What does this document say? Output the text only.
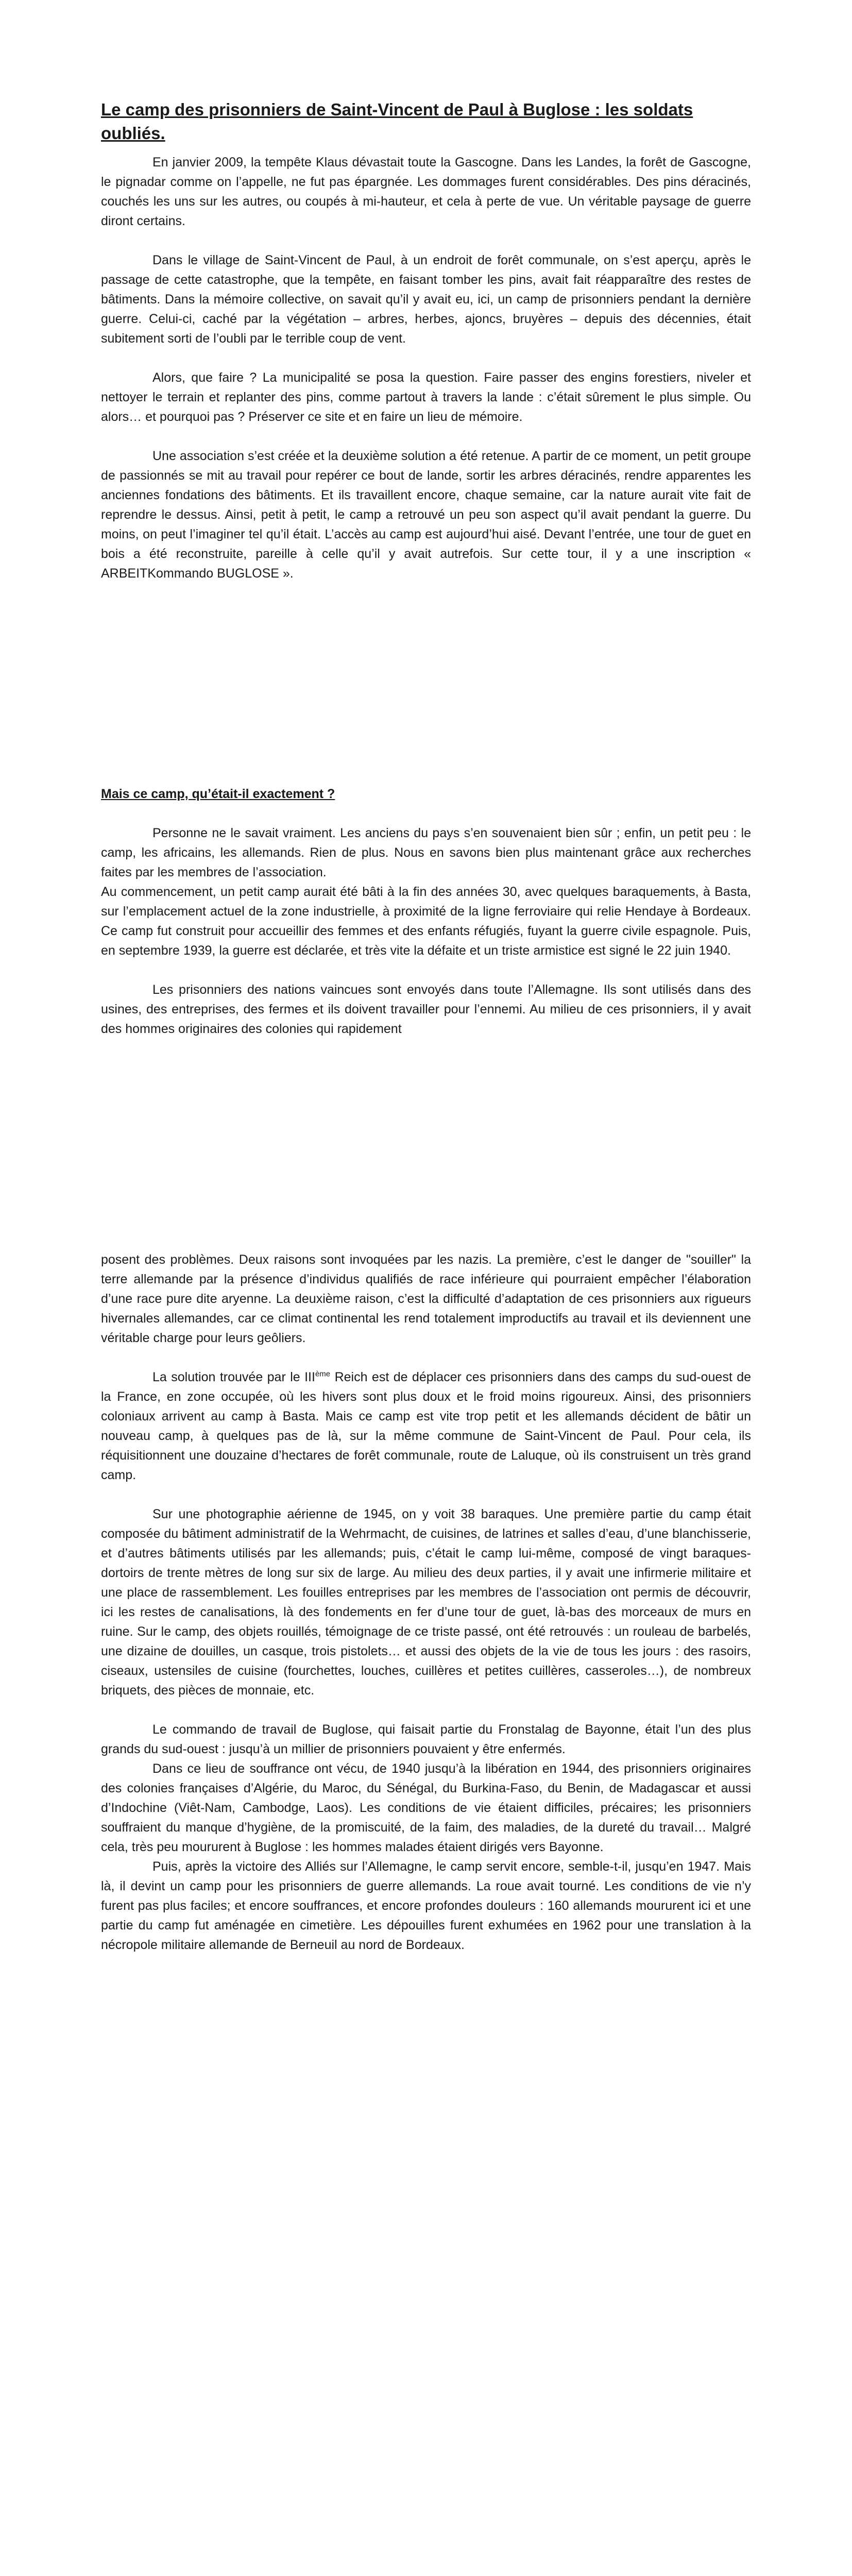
Le camp des prisonniers de Saint-Vincent de Paul à Buglose : les soldats oubliés.

En janvier 2009, la tempête Klaus dévastait toute la Gascogne. Dans les Landes, la forêt de Gascogne, le pignadar comme on l’appelle, ne fut pas épargnée. Les dommages furent considérables. Des pins déracinés, couchés les uns sur les autres, ou coupés à mi-hauteur, et cela à perte de vue. Un véritable paysage de guerre diront certains.

Dans le village de Saint-Vincent de Paul, à un endroit de forêt communale, on s’est aperçu, après le passage de cette catastrophe, que la tempête, en faisant tomber les pins, avait fait réapparaître des restes de bâtiments. Dans la mémoire collective, on savait qu’il y avait eu, ici, un camp de prisonniers pendant la dernière guerre. Celui-ci, caché par la végétation – arbres, herbes, ajoncs, bruyères – depuis des décennies, était subitement sorti de l’oubli par le terrible coup de vent.

Alors, que faire ? La municipalité se posa la question. Faire passer des engins forestiers, niveler et nettoyer le terrain et replanter des pins, comme partout à travers la lande : c’était sûrement le plus simple. Ou alors… et pourquoi pas ? Préserver ce site et en faire un lieu de mémoire.

Une association s’est créée et la deuxième solution a été retenue. A partir de ce moment, un petit groupe de passionnés se mit au travail pour repérer ce bout de lande, sortir les arbres déracinés, rendre apparentes les anciennes fondations des bâtiments. Et ils travaillent encore, chaque semaine, car la nature aurait vite fait de reprendre le dessus. Ainsi, petit à petit, le camp a retrouvé un peu son aspect qu’il avait pendant la guerre. Du moins, on peut l’imaginer tel qu’il était. L’accès au camp est aujourd’hui aisé. Devant l’entrée, une tour de guet en bois a été reconstruite, pareille à celle qu’il y avait autrefois. Sur cette tour, il y a une inscription « ARBEITKommando BUGLOSE ».

Mais ce camp, qu’était-il exactement ?

Personne ne le savait vraiment. Les anciens du pays s’en souvenaient bien sûr ; enfin, un petit peu : le camp, les africains, les allemands. Rien de plus. Nous en savons bien plus maintenant grâce aux recherches faites par les membres de l’association.

Au commencement, un petit camp aurait été bâti à la fin des années 30, avec quelques baraquements, à Basta, sur l’emplacement actuel de la zone industrielle, à proximité de la ligne ferroviaire qui relie Hendaye à Bordeaux. Ce camp fut construit pour accueillir des femmes et des enfants réfugiés, fuyant la guerre civile espagnole. Puis, en septembre 1939, la guerre est déclarée, et très vite la défaite et un triste armistice est signé le 22 juin 1940.

Les prisonniers des nations vaincues sont envoyés dans toute l’Allemagne. Ils sont utilisés dans des usines, des entreprises, des fermes et ils doivent travailler pour l’ennemi. Au milieu de ces prisonniers, il y avait des hommes originaires des colonies qui rapidement

posent des problèmes. Deux raisons sont invoquées par les nazis. La première, c’est le danger de "souiller" la terre allemande par la présence d’individus qualifiés de race inférieure qui pourraient empêcher l’élaboration d’une race pure dite aryenne. La deuxième raison, c’est la difficulté d’adaptation de ces prisonniers aux rigueurs hivernales allemandes, car ce climat continental les rend totalement improductifs au travail et ils deviennent une véritable charge pour leurs geôliers.

La solution trouvée par le IIIème Reich est de déplacer ces prisonniers dans des camps du sud-ouest de la France, en zone occupée, où les hivers sont plus doux et le froid moins rigoureux. Ainsi, des prisonniers coloniaux arrivent au camp à Basta. Mais ce camp est vite trop petit et les allemands décident de bâtir un nouveau camp, à quelques pas de là, sur la même commune de Saint-Vincent de Paul. Pour cela, ils réquisitionnent une douzaine d’hectares de forêt communale, route de Laluque, où ils construisent un très grand camp.

Sur une photographie aérienne de 1945, on y voit 38 baraques. Une première partie du camp était composée du bâtiment administratif de la Wehrmacht, de cuisines, de latrines et salles d’eau, d’une blanchisserie, et d’autres bâtiments utilisés par les allemands; puis, c’était le camp lui-même, composé de vingt baraques-dortoirs de trente mètres de long sur six de large. Au milieu des deux parties, il y avait une infirmerie militaire et une place de rassemblement. Les fouilles entreprises par les membres de l’association ont permis de découvrir, ici les restes de canalisations, là des fondements en fer d’une tour de guet, là-bas des morceaux de murs en ruine. Sur le camp, des objets rouillés, témoignage de ce triste passé, ont été retrouvés : un rouleau de barbelés, une dizaine de douilles, un casque, trois pistolets… et aussi des objets de la vie de tous les jours : des rasoirs, ciseaux, ustensiles de cuisine (fourchettes, louches, cuillères et petites cuillères, casseroles…), de nombreux briquets, des pièces de monnaie, etc.

Le commando de travail de Buglose, qui faisait partie du Fronstalag de Bayonne, était l’un des plus grands du sud-ouest : jusqu’à un millier de prisonniers pouvaient y être enfermés.

Dans ce lieu de souffrance ont vécu, de 1940 jusqu’à la libération en 1944, des prisonniers originaires des colonies françaises d’Algérie, du Maroc, du Sénégal, du Burkina-Faso, du Benin, de Madagascar et aussi d’Indochine (Viêt-Nam, Cambodge, Laos). Les conditions de vie étaient difficiles, précaires; les prisonniers souffraient du manque d’hygiène, de la promiscuité, de la faim, des maladies, de la dureté du travail… Malgré cela, très peu moururent à Buglose : les hommes malades étaient dirigés vers Bayonne.

Puis, après la victoire des Alliés sur l’Allemagne, le camp servit encore, semble-t-il, jusqu’en 1947. Mais là, il devint un camp pour les prisonniers de guerre allemands. La roue avait tourné. Les conditions de vie n’y furent pas plus faciles; et encore souffrances, et encore profondes douleurs : 160 allemands moururent ici et une partie du camp fut aménagée en cimetière. Les dépouilles furent exhumées en 1962 pour une translation à la nécropole militaire allemande de Berneuil au nord de Bordeaux.
